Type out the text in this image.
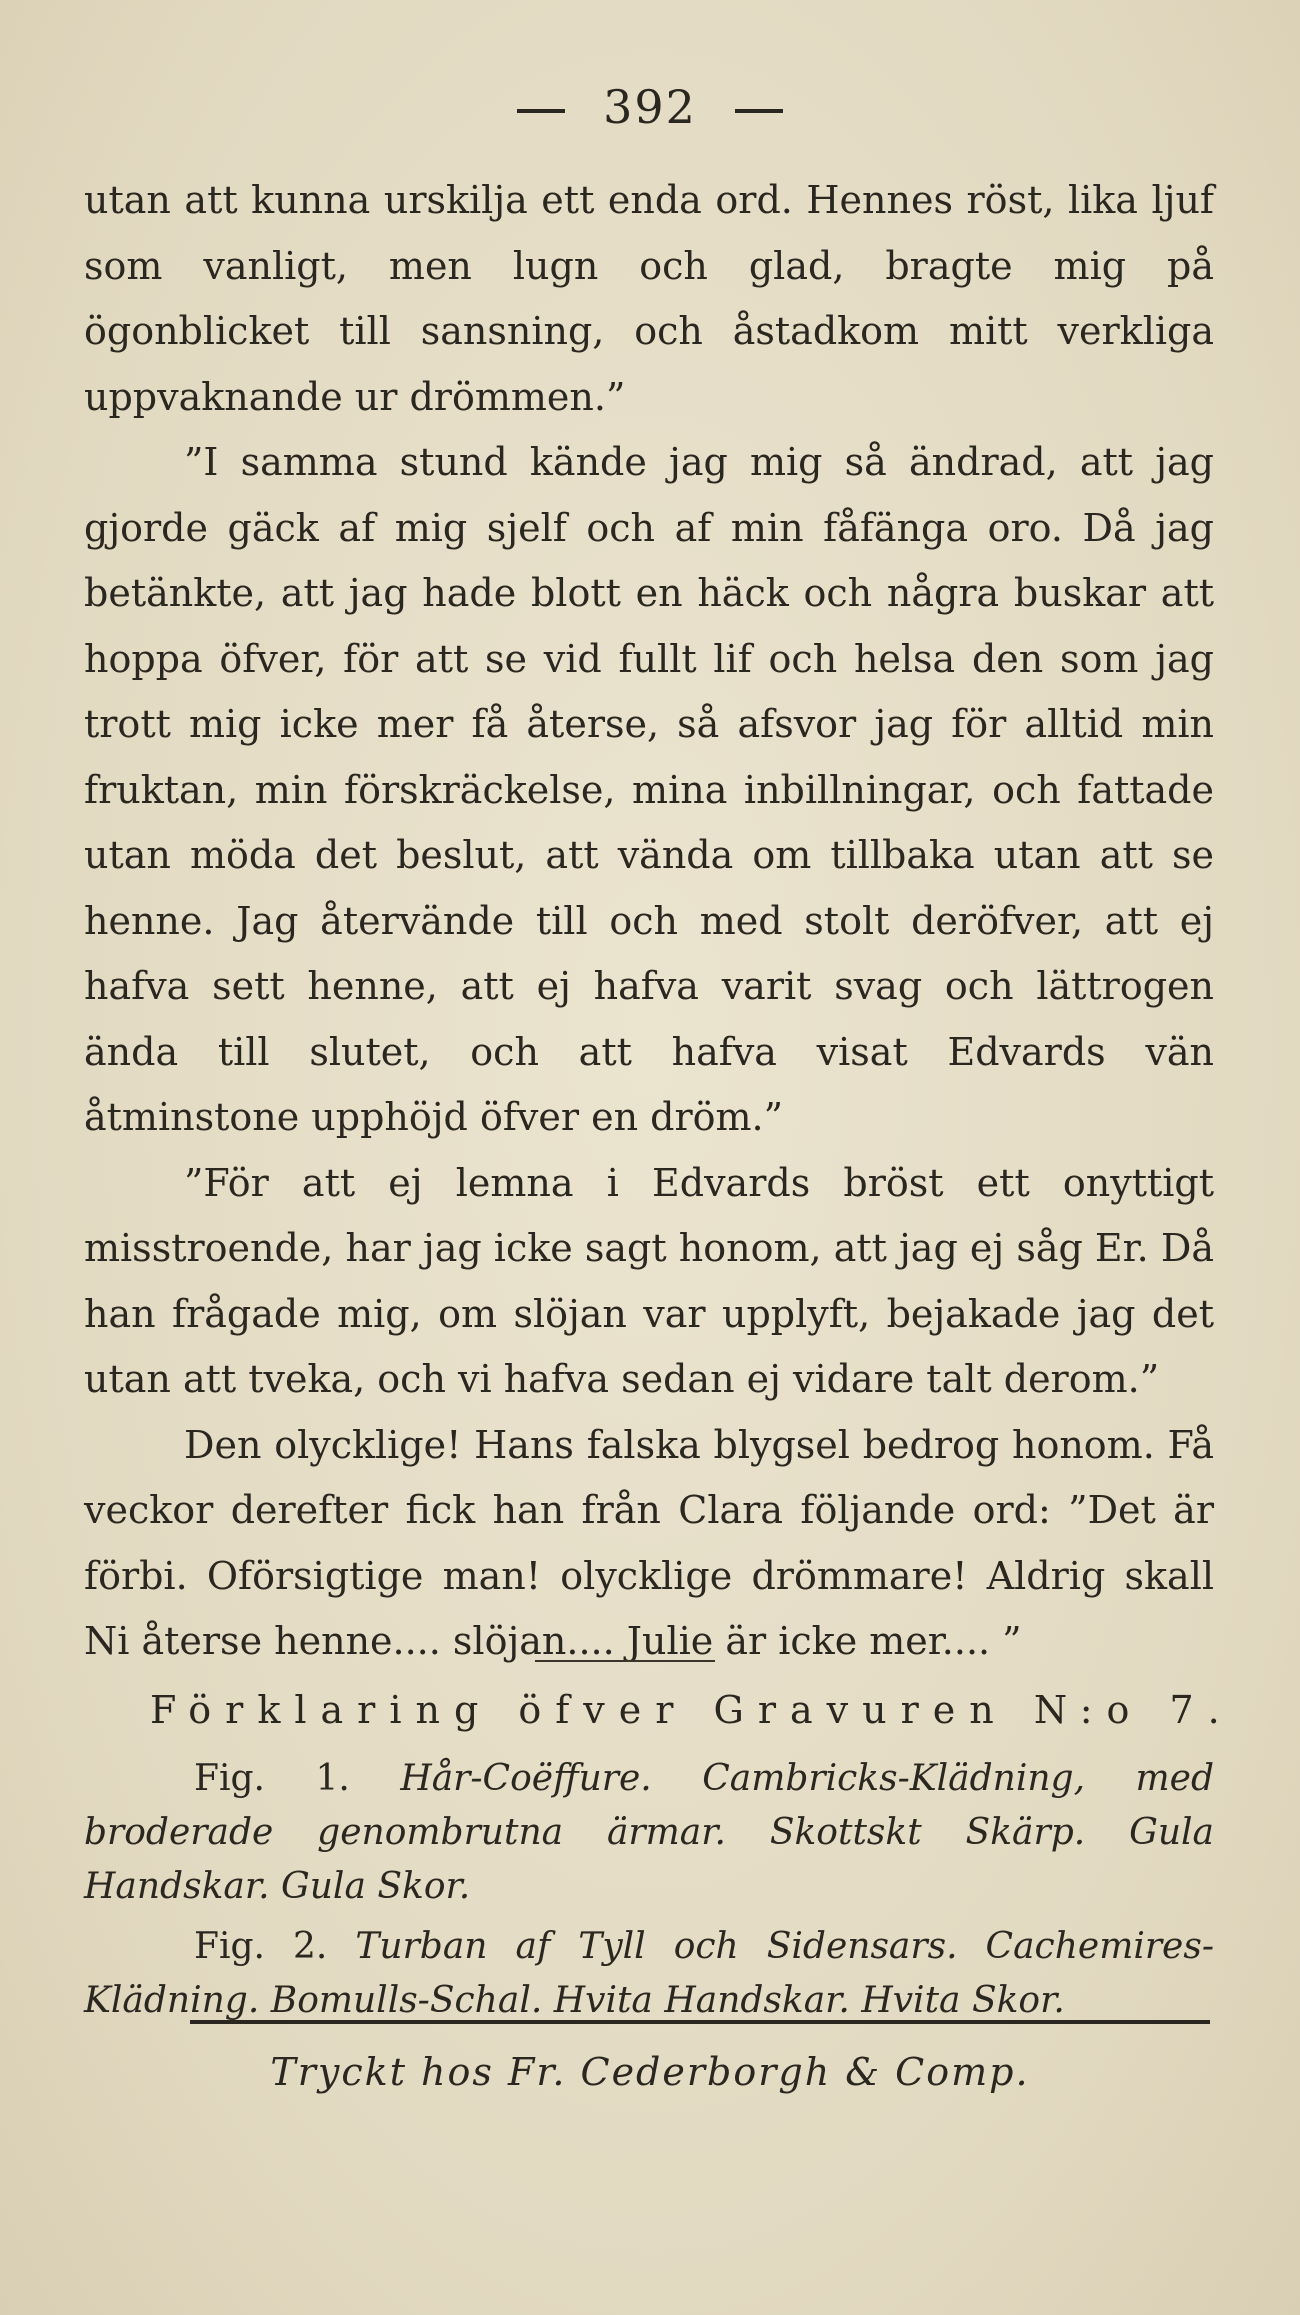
392

utan att kunna urskilja ett enda ord. Hennes röst, lika ljuf som vanligt, men lugn och glad, bragte mig på ögonblicket till sansning, och åstadkom mitt verkliga uppvaknande ur drömmen.”

”I samma stund kände jag mig så ändrad, att jag gjorde gäck af mig sjelf och af min fåfänga oro. Då jag betänkte, att jag hade blott en häck och några buskar att hoppa öfver, för att se vid fullt lif och helsa den som jag trott mig icke mer få återse, så afsvor jag för alltid min fruktan, min förskräckelse, mina inbillningar, och fattade utan möda det beslut, att vända om tillbaka utan att se henne. Jag återvände till och med stolt deröfver, att ej hafva sett henne, att ej hafva varit svag och lättrogen ända till slutet, och att hafva visat Edvards vän åtminstone upphöjd öfver en dröm.”

”För att ej lemna i Edvards bröst ett onyttigt misstroende, har jag icke sagt honom, att jag ej såg Er. Då han frågade mig, om slöjan var upplyft, bejakade jag det utan att tveka, och vi hafva sedan ej vidare talt derom.”

Den olycklige! Hans falska blygsel bedrog honom. Få veckor derefter fick han från Clara följande ord: ”Det är förbi. Oförsigtige man! olycklige drömmare! Aldrig skall Ni återse henne.... slöjan.... Julie är icke mer.... ”

Förklaring öfver Gravuren N:o 7.

Fig. 1. Hår-Coëffure. Cambricks-Klädning, med broderade genombrutna ärmar. Skottskt Skärp. Gula Handskar. Gula Skor.

Fig. 2. Turban af Tyll och Sidensars. Cachemires-Klädning. Bomulls-Schal. Hvita Handskar. Hvita Skor.

Tryckt hos Fr. Cederborgh & Comp.
